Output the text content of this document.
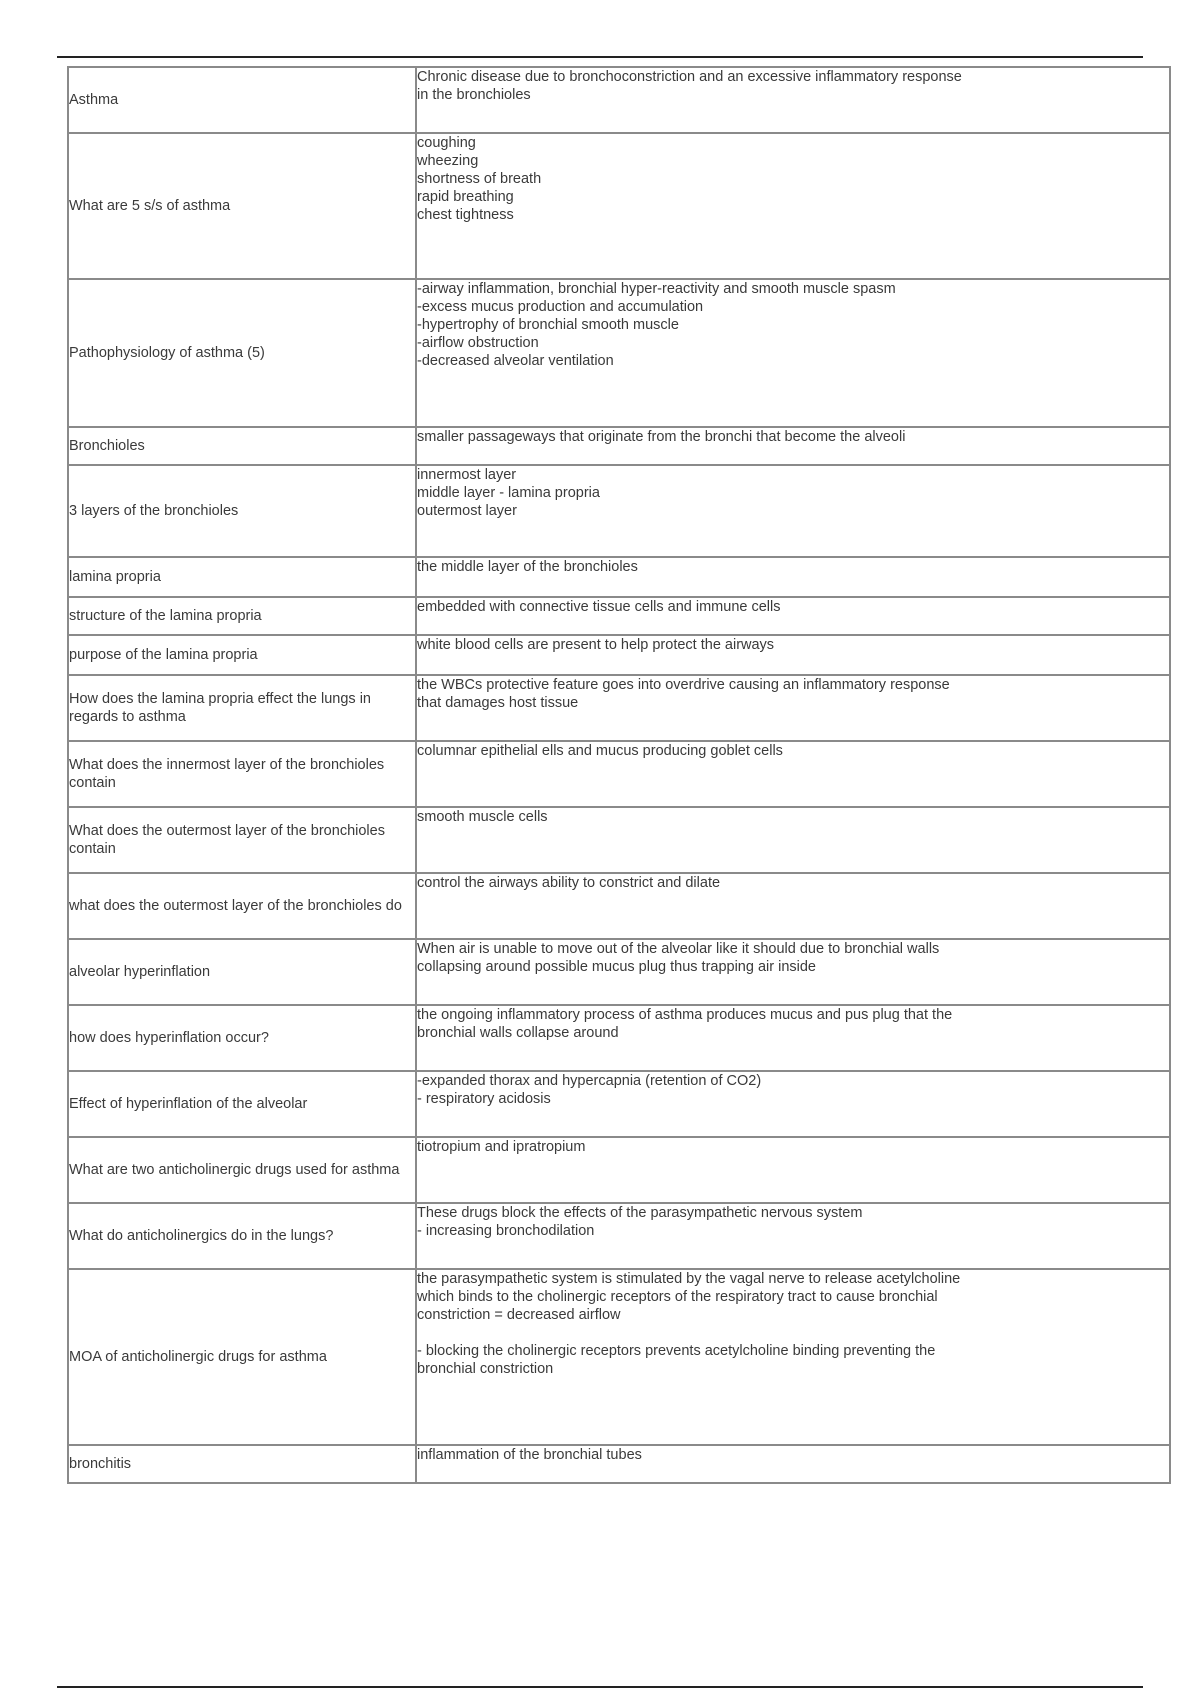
Asthma	Chronic disease due to bronchoconstriction and an excessive inflammatory response
in the bronchioles

What are 5 s/s of asthma	coughing
wheezing
shortness of breath
rapid breathing
chest tightness

Pathophysiology of asthma (5)	-airway inflammation, bronchial hyper-reactivity and smooth muscle spasm
-excess mucus production and accumulation
-hypertrophy of bronchial smooth muscle
-airflow obstruction
-decreased alveolar ventilation

Bronchioles	smaller passageways that originate from the bronchi that become the alveoli

3 layers of the bronchioles	innermost layer
middle layer - lamina propria
outermost layer

lamina propria	the middle layer of the bronchioles

structure of the lamina propria	embedded with connective tissue cells and immune cells

purpose of the lamina propria	white blood cells are present to help protect the airways

How does the lamina propria effect the lungs in regards to asthma	the WBCs protective feature goes into overdrive causing an inflammatory response
that damages host tissue

What does the innermost layer of the bronchioles contain	columnar epithelial ells and mucus producing goblet cells

What does the outermost layer of the bronchioles contain	smooth muscle cells

what does the outermost layer of the bronchioles do	control the airways ability to constrict and dilate

alveolar hyperinflation	When air is unable to move out of the alveolar like it should due to bronchial walls
collapsing around possible mucus plug thus trapping air inside

how does hyperinflation occur?	the ongoing inflammatory process of asthma produces mucus and pus plug that the
bronchial walls collapse around

Effect of hyperinflation of the alveolar	-expanded thorax and hypercapnia (retention of CO2)
- respiratory acidosis

What are two anticholinergic drugs used for asthma	tiotropium and ipratropium

What do anticholinergics do in the lungs?	These drugs block the effects of the parasympathetic nervous system
- increasing bronchodilation

MOA of anticholinergic drugs for asthma	the parasympathetic system is stimulated by the vagal nerve to release acetylcholine
which binds to the cholinergic receptors of the respiratory tract to cause bronchial
constriction = decreased airflow
- blocking the cholinergic receptors prevents acetylcholine binding preventing the
bronchial constriction

bronchitis	inflammation of the bronchial tubes
